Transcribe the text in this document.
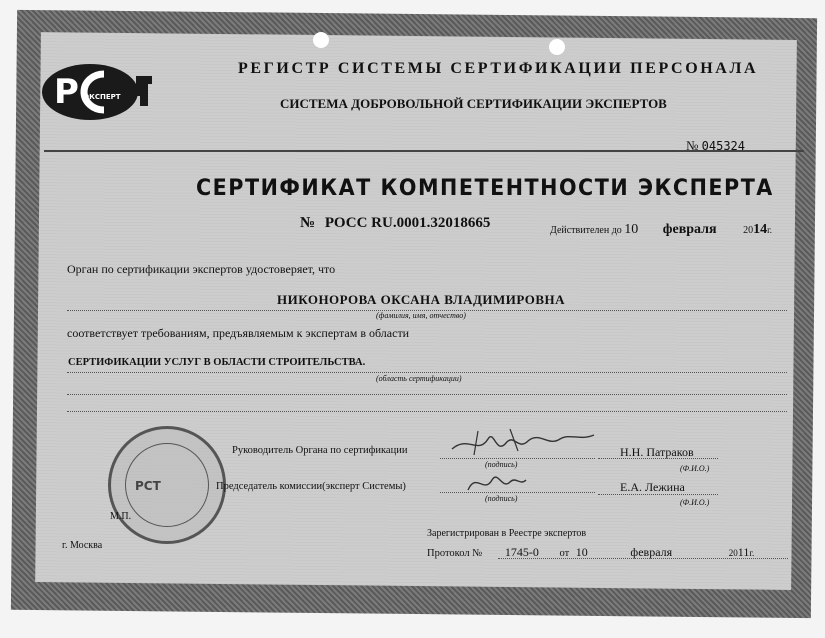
Р ЭКСПЕРТ
РЕГИСТР СИСТЕМЫ СЕРТИФИКАЦИИ ПЕРСОНАЛА
СИСТЕМА ДОБРОВОЛЬНОЙ СЕРТИФИКАЦИИ ЭКСПЕРТОВ
№ 045324
СЕРТИФИКАТ КОМПЕТЕНТНОСТИ ЭКСПЕРТА
№ РОСС RU.0001.32018665	Действителен до 10 февраля	2014г.
Орган по сертификации экспертов удостоверяет, что
НИКОНОРОВА ОКСАНА ВЛАДИМИРОВНА
(фамилия, имя, отчество)
соответствует требованиям, предъявляемым к экспертам в области
СЕРТИФИКАЦИИ УСЛУГ В ОБЛАСТИ СТРОИТЕЛЬСТВА.
(область сертификации)
РСТ
Руководитель Органа по сертификации	Н.Н. Патраков
(подпись)	(Ф.И.О.)
Председатель комиссии(эксперт Системы)	Е.А. Лежина
(подпись)	(Ф.И.О.)
М.П.
Зарегистрирован в Реестре экспертов
г. Москва
Протокол № 1745-0 от 10	февраля	2011г.
